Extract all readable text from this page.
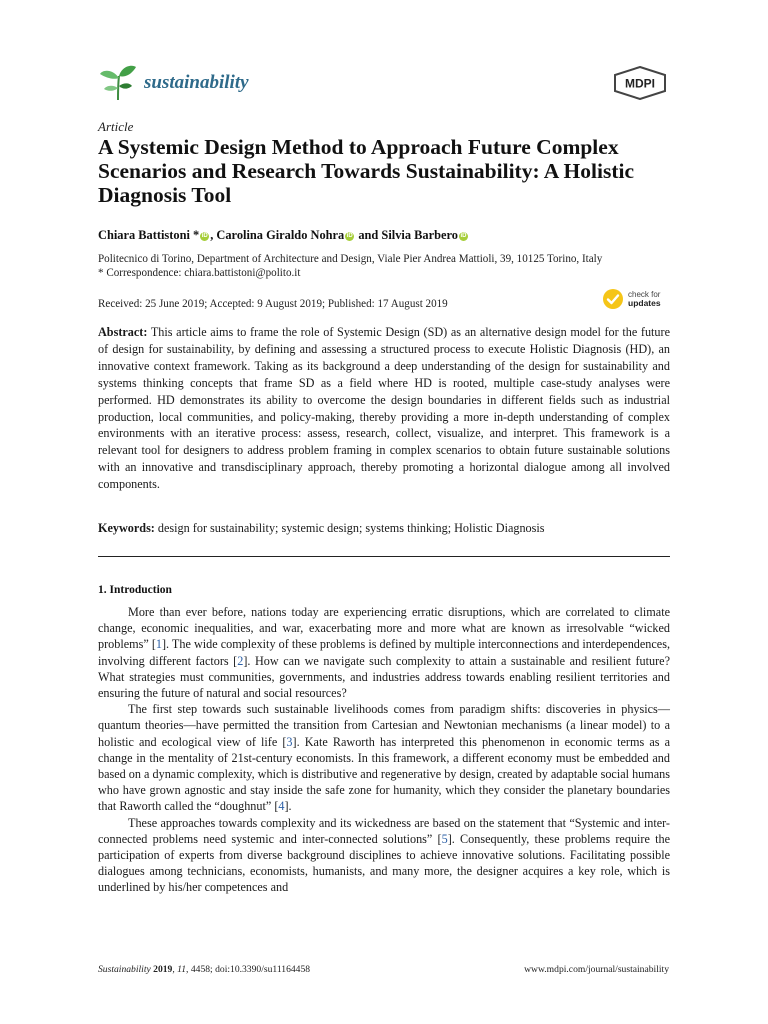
sustainability	MDPI
Article
A Systemic Design Method to Approach Future Complex Scenarios and Research Towards Sustainability: A Holistic Diagnosis Tool
Chiara Battistoni * iD , Carolina Giraldo Nohra iD and Silvia Barbero iD
Politecnico di Torino, Department of Architecture and Design, Viale Pier Andrea Mattioli, 39, 10125 Torino, Italy
* Correspondence: chiara.battistoni@polito.it
Received: 25 June 2019; Accepted: 9 August 2019; Published: 17 August 2019
check for
updates
Abstract: This article aims to frame the role of Systemic Design (SD) as an alternative design model for the future of design for sustainability, by defining and assessing a structured process to execute Holistic Diagnosis (HD), an innovative context framework. Taking as its background a deep understanding of the design for sustainability and systems thinking concepts that frame SD as a field where HD is rooted, multiple case-study analyses were performed. HD demonstrates its ability to overcome the design boundaries in different fields such as industrial production, local communities, and policy-making, thereby providing a more in-depth understanding of complex environments with an iterative process: assess, research, collect, visualize, and interpret. This framework is a relevant tool for designers to address problem framing in complex scenarios to obtain future sustainable solutions with an innovative and transdisciplinary approach, thereby promoting a horizontal dialogue among all involved components.
Keywords: design for sustainability; systemic design; systems thinking; Holistic Diagnosis
1. Introduction

More than ever before, nations today are experiencing erratic disruptions, which are correlated to climate change, economic inequalities, and war, exacerbating more and more what are known as irresolvable “wicked problems” [1]. The wide complexity of these problems is defined by multiple interconnections and interdependences, involving different factors [2]. How can we navigate such complexity to attain a sustainable and resilient future? What strategies must communities, governments, and industries address towards enabling resilient territories and ensuring the future of natural and social resources?

The first step towards such sustainable livelihoods comes from paradigm shifts: discoveries in physics—quantum theories—have permitted the transition from Cartesian and Newtonian mechanisms (a linear model) to a holistic and ecological view of life [3]. Kate Raworth has interpreted this phenomenon in economic terms as a change in the mentality of 21st-century economists. In this framework, a different economy must be embedded and based on a dynamic complexity, which is distributive and regenerative by design, created by adaptable social humans who have grown agnostic and stay inside the safe zone for humanity, which they consider the planetary boundaries that Raworth called the “doughnut” [4].

These approaches towards complexity and its wickedness are based on the statement that “Systemic and inter-connected problems need systemic and inter-connected solutions” [5]. Consequently, these problems require the participation of experts from diverse background disciplines to achieve innovative solutions. Facilitating possible dialogues among technicians, economists, humanists, and many more, the designer acquires a key role, which is underlined by his/her competences and

Sustainability 2019, 11, 4458; doi:10.3390/su11164458	www.mdpi.com/journal/sustainability
